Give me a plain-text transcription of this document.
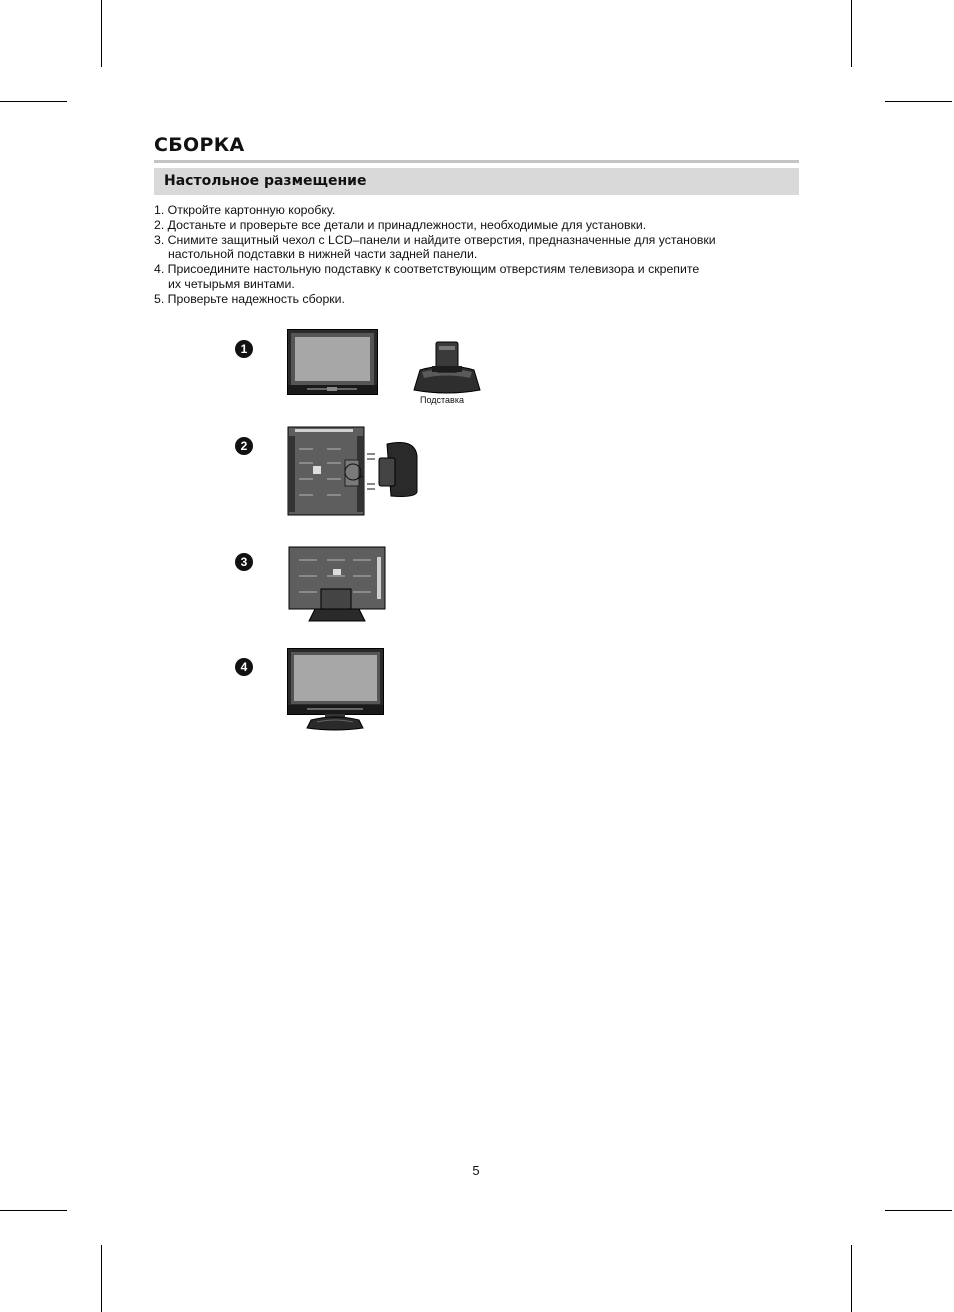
СБОРКА
Настольное размещение
1. Откройте картонную коробку.
2. Достаньте и проверьте все детали и принадлежности, необходимые для установки.
3. Снимите защитный чехол с LCD–панели и найдите отверстия, предназначенные для установки
настольной подставки в нижней части задней панели.
4. Присоедините настольную подставку к соответствующим отверстиям телевизора и скрепите
их четырьмя винтами.
5. Проверьте надежность сборки.
1
Подставка
2
3
4
5
